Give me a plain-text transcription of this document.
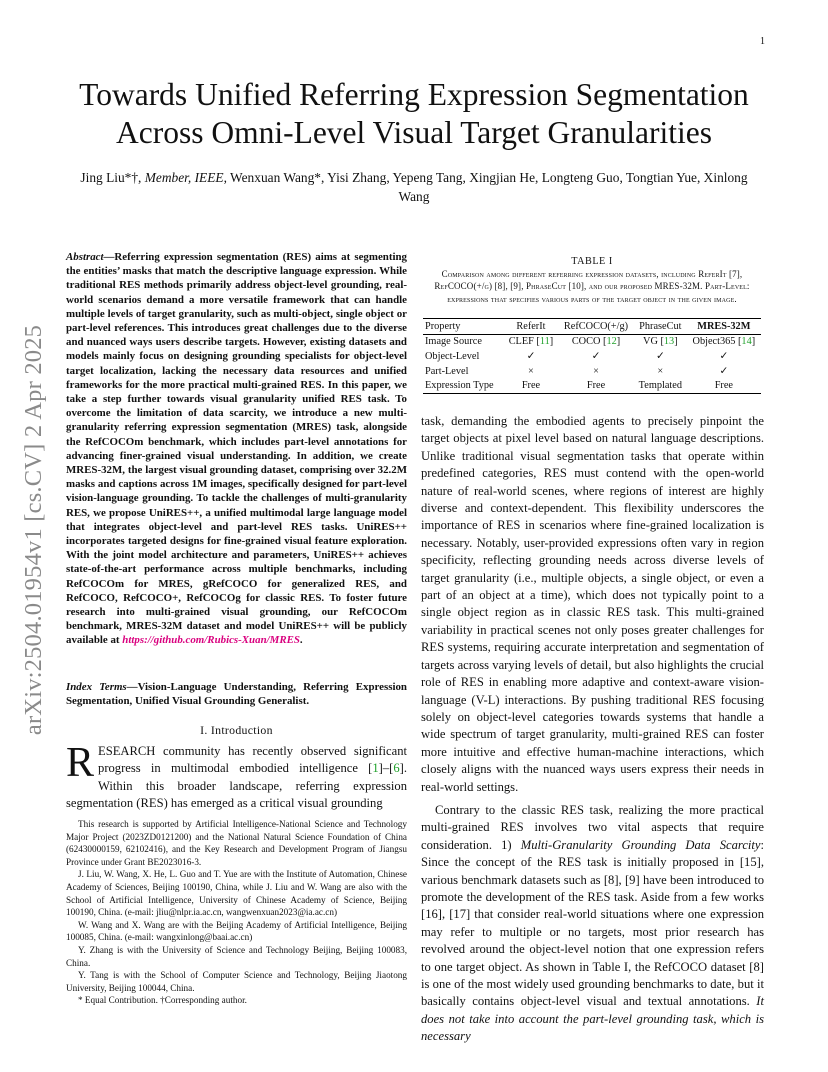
1
arXiv:2504.01954v1 [cs.CV] 2 Apr 2025
Towards Unified Referring Expression Segmentation
Across Omni-Level Visual Target Granularities
Jing Liu*†, Member, IEEE, Wenxuan Wang*, Yisi Zhang, Yepeng Tang, Xingjian He, Longteng Guo, Tongtian Yue, Xinlong Wang
Abstract—Referring expression segmentation (RES) aims at segmenting the entities’ masks that match the descriptive language expression. While traditional RES methods primarily address object-level grounding, real-world scenarios demand a more versatile framework that can handle multiple levels of target granularity, such as multi-object, single object or part-level references. This introduces great challenges due to the diverse and nuanced ways users describe targets. However, existing datasets and models mainly focus on designing grounding specialists for object-level target localization, lacking the necessary data resources and unified frameworks for the more practical multi-grained RES. In this paper, we take a step further towards visual granularity unified RES task. To overcome the limitation of data scarcity, we introduce a new multi-granularity referring expression segmentation (MRES) task, alongside the RefCOCOm benchmark, which includes part-level annotations for advancing finer-grained visual understanding. In addition, we create MRES-32M, the largest visual grounding dataset, comprising over 32.2M masks and captions across 1M images, specifically designed for part-level vision-language grounding. To tackle the challenges of multi-granularity RES, we propose UniRES++, a unified multimodal large language model that integrates object-level and part-level RES tasks. UniRES++ incorporates targeted designs for fine-grained visual feature exploration. With the joint model architecture and parameters, UniRES++ achieves state-of-the-art performance across multiple benchmarks, including RefCOCOm for MRES, gRefCOCO for generalized RES, and RefCOCO, RefCOCO+, RefCOCOg for classic RES. To foster future research into multi-grained visual grounding, our RefCOCOm benchmark, MRES-32M dataset and model UniRES++ will be publicly available at https://github.com/Rubics-Xuan/MRES.
Index Terms—Vision-Language Understanding, Referring Expression Segmentation, Unified Visual Grounding Generalist.
I. Introduction
RESEARCH community has recently observed significant progress in multimodal embodied intelligence [1]–[6]. Within this broader landscape, referring expression segmentation (RES) has emerged as a critical visual grounding

This research is supported by Artificial Intelligence-National Science and Technology Major Project (2023ZD0121200) and the National Natural Science Foundation of China (62430000159, 62102416), and the Key Research and Development Program of Jiangsu Province under Grant BE2023016-3.

J. Liu, W. Wang, X. He, L. Guo and T. Yue are with the Institute of Automation, Chinese Academy of Sciences, Beijing 100190, China, while J. Liu and W. Wang are also with the School of Artificial Intelligence, University of Chinese Academy of Science, Beijing 100190, China. (e-mail: jliu@nlpr.ia.ac.cn, wangwenxuan2023@ia.ac.cn)

W. Wang and X. Wang are with the Beijing Academy of Artificial Intelligence, Beijing 100085, China. (e-mail: wangxinlong@baai.ac.cn)

Y. Zhang is with the University of Science and Technology Beijing, Beijing 100083, China.

Y. Tang is with the School of Computer Science and Technology, Beijing Jiaotong University, Beijing 100044, China.

* Equal Contribution. †Corresponding author.

TABLE I
Comparison among different referring expression datasets, including ReferIt [7], RefCOCO(+/g) [8], [9], PhraseCut [10], and our proposed MRES-32M. Part-Level: expressions that specifies various parts of the target object in the given image.
Property	ReferIt	RefCOCO(+/g)	PhraseCut	MRES-32M
Image Source	CLEF [11]	COCO [12]	VG [13]	Object365 [14]
Object-Level	✓	✓	✓	✓
Part-Level	×	×	×	✓
Expression Type	Free	Free	Templated	Free

task, demanding the embodied agents to precisely pinpoint the target objects at pixel level based on natural language descriptions. Unlike traditional visual segmentation tasks that operate within predefined categories, RES must contend with the open-world nature of real-world scenes, where regions of interest are highly diverse and context-dependent. This flexibility underscores the importance of RES in scenarios where fine-grained localization is necessary. Notably, user-provided expressions often vary in region specificity, reflecting grounding needs across diverse levels of target granularity (i.e., multiple objects, a single object, or even a part of an object at a time), which does not typically point to a single object region as in classic RES task. This multi-grained variability in practical scenes not only poses greater challenges for RES systems, requiring accurate interpretation and segmentation of targets across varying levels of detail, but also highlights the crucial role of RES in enabling more adaptive and context-aware vision-language (V-L) interactions. By pushing traditional RES focusing solely on object-level categories towards systems that handle a wide spectrum of target granularity, multi-grained RES can foster more intuitive and effective human-machine interactions, which closely aligns with the nuanced ways users express their needs in real-world settings.

Contrary to the classic RES task, realizing the more practical multi-grained RES involves two vital aspects that require consideration. 1) Multi-Granularity Grounding Data Scarcity: Since the concept of the RES task is initially proposed in [15], various benchmark datasets such as [8], [9] have been introduced to promote the development of the RES task. Aside from a few works [16], [17] that consider real-world situations where one expression may refer to multiple or no targets, most prior research has revolved around the object-level notion that one expression refers to one target object. As shown in Table I, the RefCOCO dataset [8] is one of the most widely used grounding benchmarks to date, but it basically contains object-level visual and textual annotations. It does not take into account the part-level grounding task, which is necessary
